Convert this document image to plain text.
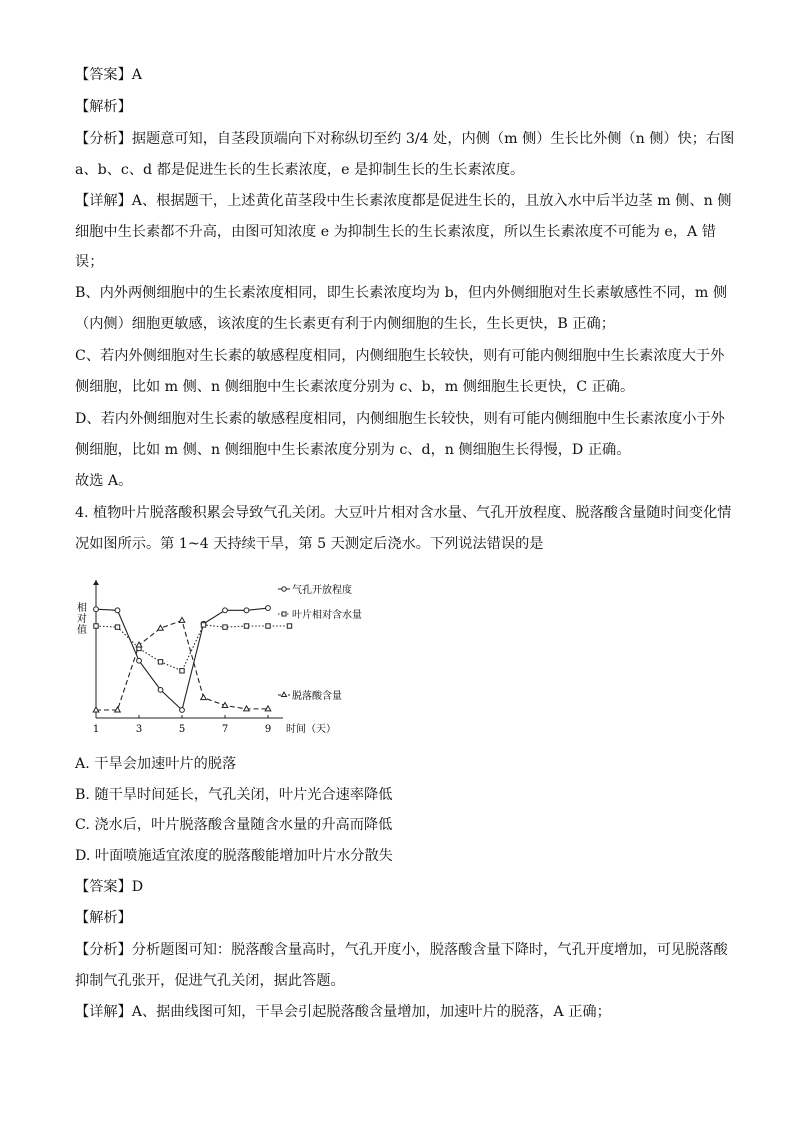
【答案】A
【解析】
【分析】据题意可知，自茎段顶端向下对称纵切至约 3/4 处，内侧（m 侧）生长比外侧（n 侧）快；右图
a、b、c、d 都是促进生长的生长素浓度，e 是抑制生长的生长素浓度。
【详解】A、根据题干，上述黄化苗茎段中生长素浓度都是促进生长的，且放入水中后半边茎 m 侧、n 侧
细胞中生长素都不升高，由图可知浓度 e 为抑制生长的生长素浓度，所以生长素浓度不可能为 e，A 错
误；
B、内外两侧细胞中的生长素浓度相同，即生长素浓度均为 b，但内外侧细胞对生长素敏感性不同，m 侧
（内侧）细胞更敏感，该浓度的生长素更有利于内侧细胞的生长，生长更快，B 正确；
C、若内外侧细胞对生长素的敏感程度相同，内侧细胞生长较快，则有可能内侧细胞中生长素浓度大于外
侧细胞，比如 m 侧、n 侧细胞中生长素浓度分别为 c、b，m 侧细胞生长更快，C 正确。
D、若内外侧细胞对生长素的敏感程度相同，内侧细胞生长较快，则有可能内侧细胞中生长素浓度小于外
侧细胞，比如 m 侧、n 侧细胞中生长素浓度分别为 c、d，n 侧细胞生长得慢，D 正确。
故选 A。
4. 植物叶片脱落酸积累会导致气孔关闭。大豆叶片相对含水量、气孔开放程度、脱落酸含量随时间变化情
况如图所示。第 1~4 天持续干旱，第 5 天测定后浇水。下列说法错误的是
A. 干旱会加速叶片的脱落
B. 随干旱时间延长，气孔关闭，叶片光合速率降低
C. 浇水后，叶片脱落酸含量随含水量的升高而降低
D. 叶面喷施适宜浓度的脱落酸能增加叶片水分散失
【答案】D
【解析】
【分析】分析题图可知：脱落酸含量高时，气孔开度小，脱落酸含量下降时，气孔开度增加，可见脱落酸
抑制气孔张开，促进气孔关闭，据此答题。
【详解】A、据曲线图可知，干旱会引起脱落酸含量增加，加速叶片的脱落，A 正确；
相对值
1	3	5	7	9 时间（天）
气孔开放程度
叶片相对含水量
脱落酸含量
